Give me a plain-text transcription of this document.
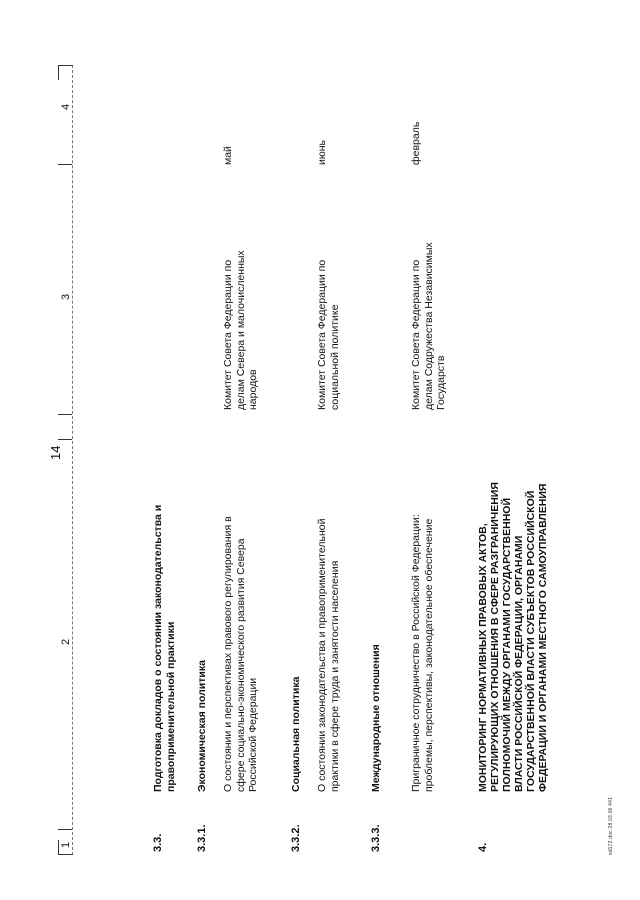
14
1
2
3
4
3.3.
Подготовка докладов о состоянии законодательства и правоприменительной практики
3.3.1.
Экономическая политика О состоянии и перспективах правового регулирования в сфере социально-экономического развития Севера Российской Федерации
Комитет Совета Федерации по делам Севера и малочисленных народов
май
3.3.2.
Социальная политика О состоянии законодательства и правоприменительной практики в сфере труда и занятости населения
Комитет Совета Федерации по социальной политике
июнь
3.3.3.
Международные отношения	Приграничное сотрудничество в Российской Федерации: проблемы, перспективы, законодательное обеспечение
Комитет Совета Федерации по делам Содружества Независимых Государств
февраль
4.
МОНИТОРИНГ НОРМАТИВНЫХ ПРАВОВЫХ АКТОВ, РЕГУЛИРУЮЩИХ ОТНОШЕНИЯ В СФЕРЕ РАЗГРАНИЧЕНИЯ ПОЛНОМОЧИЙ МЕЖДУ ОРГАНАМИ ГОСУДАРСТВЕННОЙ ВЛАСТИ РОССИЙСКОЙ ФЕДЕРАЦИИ, ОРГАНАМИ ГОСУДАРСТВЕННОЙ ВЛАСТИ СУБЪЕКТОВ РОССИЙСКОЙ ФЕДЕРАЦИИ И ОРГАНАМИ МЕСТНОГО САМОУПРАВЛЕНИЯ
sd172.doc 28.03.06 441
